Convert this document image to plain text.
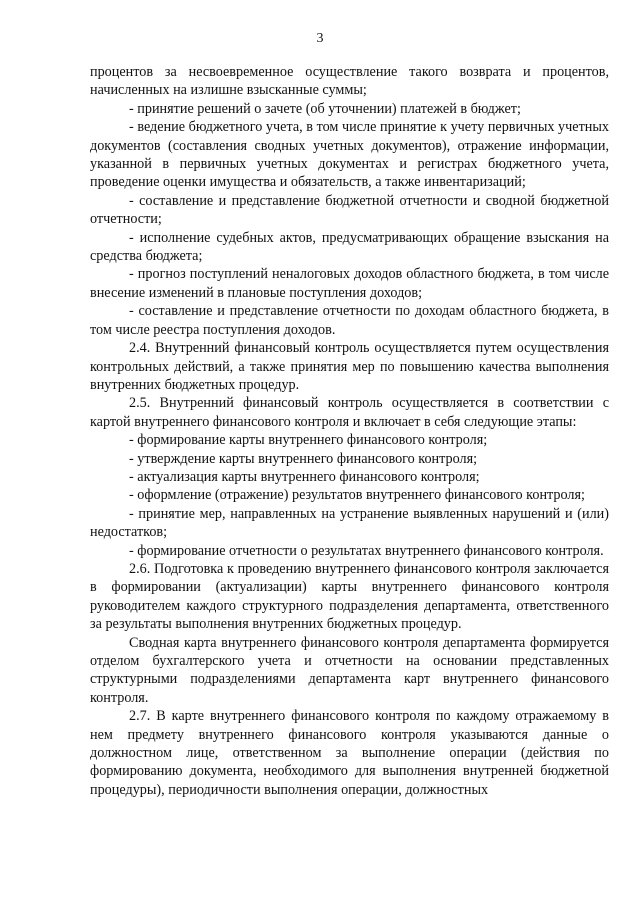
3

процентов за несвоевременное осуществление такого возврата и процентов, начисленных на излишне взысканные суммы;

- принятие решений о зачете (об уточнении) платежей в бюджет;

- ведение бюджетного учета, в том числе принятие к учету первичных учетных документов (составления сводных учетных документов), отражение информации, указанной в первичных учетных документах и регистрах бюджетного учета, проведение оценки имущества и обязательств, а также инвентаризаций;

- составление и представление бюджетной отчетности и сводной бюджетной отчетности;

- исполнение судебных актов, предусматривающих обращение взыскания на средства бюджета;

- прогноз поступлений неналоговых доходов областного бюджета, в том числе внесение изменений в плановые поступления доходов;

- составление и представление отчетности по доходам областного бюджета, в том числе реестра поступления доходов.

2.4. Внутренний финансовый контроль осуществляется путем осуществления контрольных действий, а также принятия мер по повышению качества выполнения внутренних бюджетных процедур.

2.5. Внутренний финансовый контроль осуществляется в соответствии с картой внутреннего финансового контроля и включает в себя следующие этапы:

- формирование карты внутреннего финансового контроля;

- утверждение карты внутреннего финансового контроля;

- актуализация карты внутреннего финансового контроля;

- оформление (отражение) результатов внутреннего финансового контроля;

- принятие мер, направленных на устранение выявленных нарушений и (или) недостатков;

- формирование отчетности о результатах внутреннего финансового контроля.

2.6. Подготовка к проведению внутреннего финансового контроля заключается в формировании (актуализации) карты внутреннего финансового контроля руководителем каждого структурного подразделения департамента, ответственного за результаты выполнения внутренних бюджетных процедур.

Сводная карта внутреннего финансового контроля департамента формируется отделом бухгалтерского учета и отчетности на основании представленных структурными подразделениями департамента карт внутреннего финансового контроля.

2.7. В карте внутреннего финансового контроля по каждому отражаемому в нем предмету внутреннего финансового контроля указываются данные о должностном лице, ответственном за выполнение операции (действия по формированию документа, необходимого для выполнения внутренней бюджетной процедуры), периодичности выполнения операции, должностных
